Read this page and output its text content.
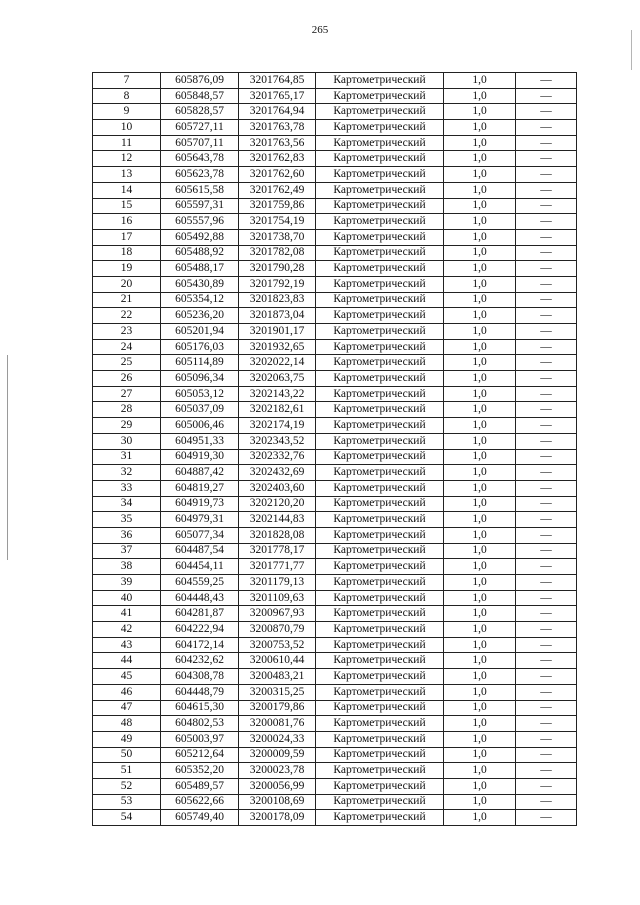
265
7	605876,09	3201764,85	Картометрический	1,0	—
8	605848,57	3201765,17	Картометрический	1,0	—
9	605828,57	3201764,94	Картометрический	1,0	—
10	605727,11	3201763,78	Картометрический	1,0	—
11	605707,11	3201763,56	Картометрический	1,0	—
12	605643,78	3201762,83	Картометрический	1,0	—
13	605623,78	3201762,60	Картометрический	1,0	—
14	605615,58	3201762,49	Картометрический	1,0	—
15	605597,31	3201759,86	Картометрический	1,0	—
16	605557,96	3201754,19	Картометрический	1,0	—
17	605492,88	3201738,70	Картометрический	1,0	—
18	605488,92	3201782,08	Картометрический	1,0	—
19	605488,17	3201790,28	Картометрический	1,0	—
20	605430,89	3201792,19	Картометрический	1,0	—
21	605354,12	3201823,83	Картометрический	1,0	—
22	605236,20	3201873,04	Картометрический	1,0	—
23	605201,94	3201901,17	Картометрический	1,0	—
24	605176,03	3201932,65	Картометрический	1,0	—
25	605114,89	3202022,14	Картометрический	1,0	—
26	605096,34	3202063,75	Картометрический	1,0	—
27	605053,12	3202143,22	Картометрический	1,0	—
28	605037,09	3202182,61	Картометрический	1,0	—
29	605006,46	3202174,19	Картометрический	1,0	—
30	604951,33	3202343,52	Картометрический	1,0	—
31	604919,30	3202332,76	Картометрический	1,0	—
32	604887,42	3202432,69	Картометрический	1,0	—
33	604819,27	3202403,60	Картометрический	1,0	—
34	604919,73	3202120,20	Картометрический	1,0	—
35	604979,31	3202144,83	Картометрический	1,0	—
36	605077,34	3201828,08	Картометрический	1,0	—
37	604487,54	3201778,17	Картометрический	1,0	—
38	604454,11	3201771,77	Картометрический	1,0	—
39	604559,25	3201179,13	Картометрический	1,0	—
40	604448,43	3201109,63	Картометрический	1,0	—
41	604281,87	3200967,93	Картометрический	1,0	—
42	604222,94	3200870,79	Картометрический	1,0	—
43	604172,14	3200753,52	Картометрический	1,0	—
44	604232,62	3200610,44	Картометрический	1,0	—
45	604308,78	3200483,21	Картометрический	1,0	—
46	604448,79	3200315,25	Картометрический	1,0	—
47	604615,30	3200179,86	Картометрический	1,0	—
48	604802,53	3200081,76	Картометрический	1,0	—
49	605003,97	3200024,33	Картометрический	1,0	—
50	605212,64	3200009,59	Картометрический	1,0	—
51	605352,20	3200023,78	Картометрический	1,0	—
52	605489,57	3200056,99	Картометрический	1,0	—
53	605622,66	3200108,69	Картометрический	1,0	—
54	605749,40	3200178,09	Картометрический	1,0	—
